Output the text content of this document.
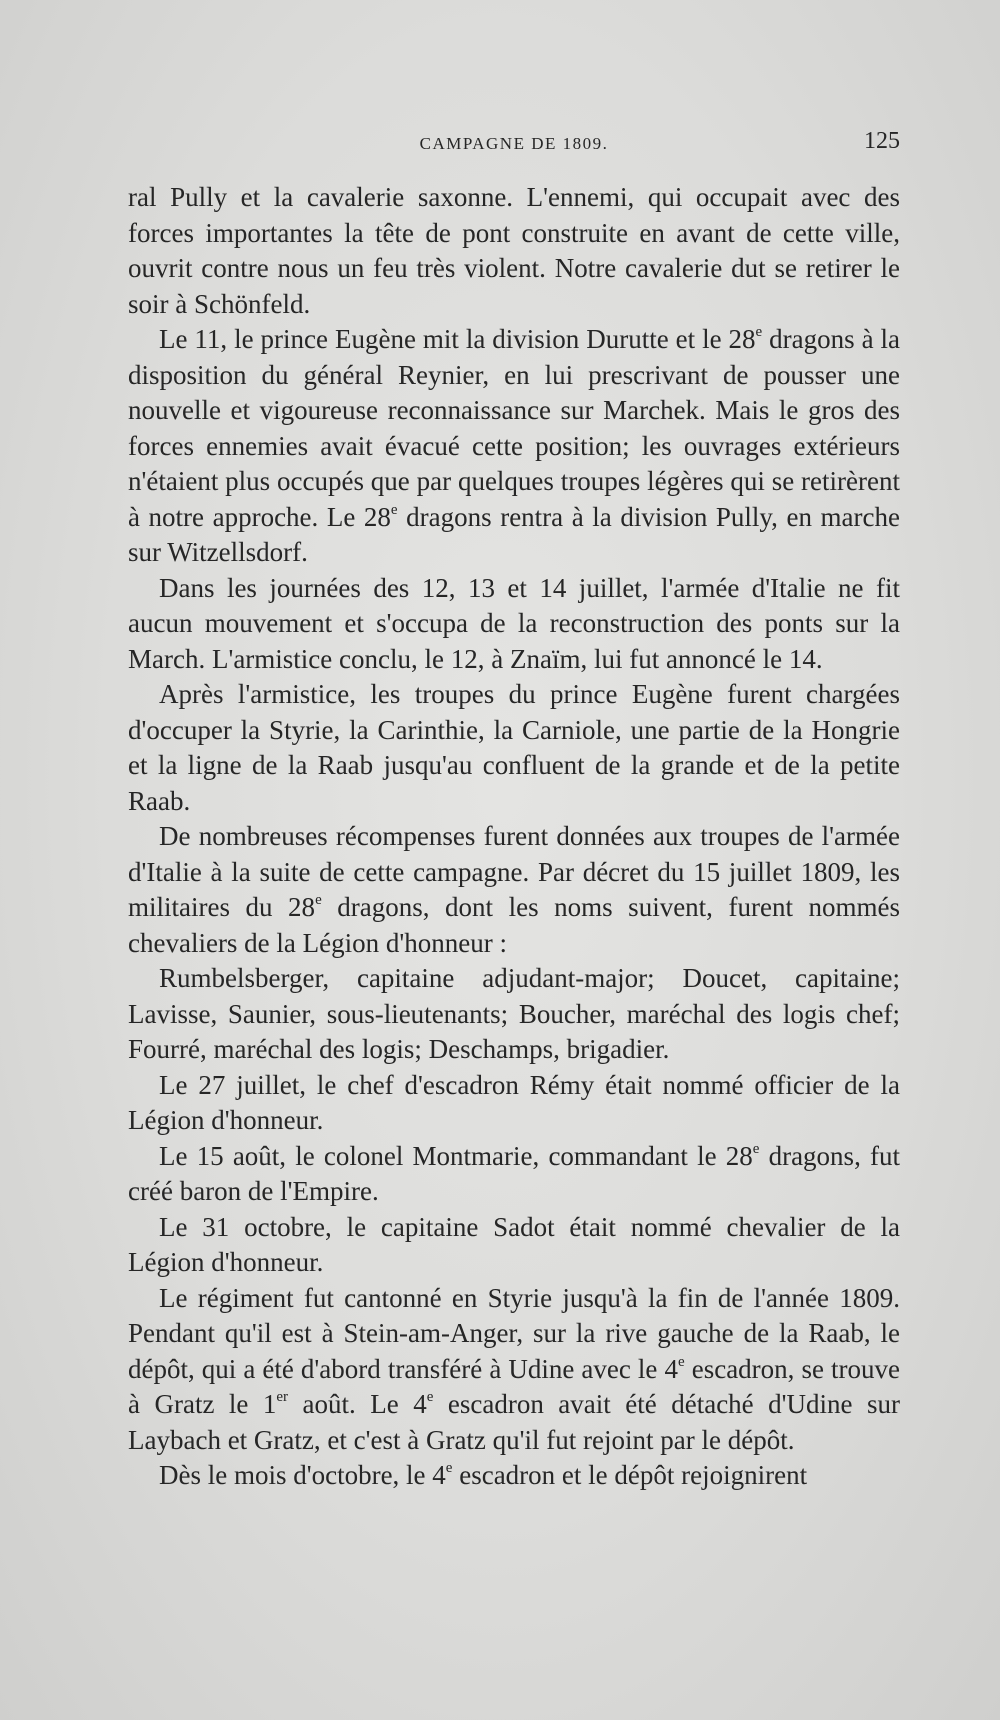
CAMPAGNE DE 1809.	125

ral Pully et la cavalerie saxonne. L'ennemi, qui occupait avec des forces importantes la tête de pont construite en avant de cette ville, ouvrit contre nous un feu très violent. Notre cavalerie dut se retirer le soir à Schönfeld.

Le 11, le prince Eugène mit la division Durutte et le 28e dragons à la disposition du général Reynier, en lui prescrivant de pousser une nouvelle et vigoureuse reconnaissance sur Marchek. Mais le gros des forces ennemies avait évacué cette position; les ouvrages extérieurs n'étaient plus occupés que par quelques troupes légères qui se retirèrent à notre approche. Le 28e dragons rentra à la division Pully, en marche sur Witzellsdorf.

Dans les journées des 12, 13 et 14 juillet, l'armée d'Italie ne fit aucun mouvement et s'occupa de la reconstruction des ponts sur la March. L'armistice conclu, le 12, à Znaïm, lui fut annoncé le 14.

Après l'armistice, les troupes du prince Eugène furent chargées d'occuper la Styrie, la Carinthie, la Carniole, une partie de la Hongrie et la ligne de la Raab jusqu'au confluent de la grande et de la petite Raab.

De nombreuses récompenses furent données aux troupes de l'armée d'Italie à la suite de cette campagne. Par décret du 15 juillet 1809, les militaires du 28e dragons, dont les noms suivent, furent nommés chevaliers de la Légion d'honneur :

Rumbelsberger, capitaine adjudant-major; Doucet, capitaine; Lavisse, Saunier, sous-lieutenants; Boucher, maréchal des logis chef; Fourré, maréchal des logis; Deschamps, brigadier.

Le 27 juillet, le chef d'escadron Rémy était nommé officier de la Légion d'honneur.

Le 15 août, le colonel Montmarie, commandant le 28e dragons, fut créé baron de l'Empire.

Le 31 octobre, le capitaine Sadot était nommé chevalier de la Légion d'honneur.

Le régiment fut cantonné en Styrie jusqu'à la fin de l'année 1809. Pendant qu'il est à Stein-am-Anger, sur la rive gauche de la Raab, le dépôt, qui a été d'abord transféré à Udine avec le 4e escadron, se trouve à Gratz le 1er août. Le 4e escadron avait été détaché d'Udine sur Laybach et Gratz, et c'est à Gratz qu'il fut rejoint par le dépôt.

Dès le mois d'octobre, le 4e escadron et le dépôt rejoignirent
